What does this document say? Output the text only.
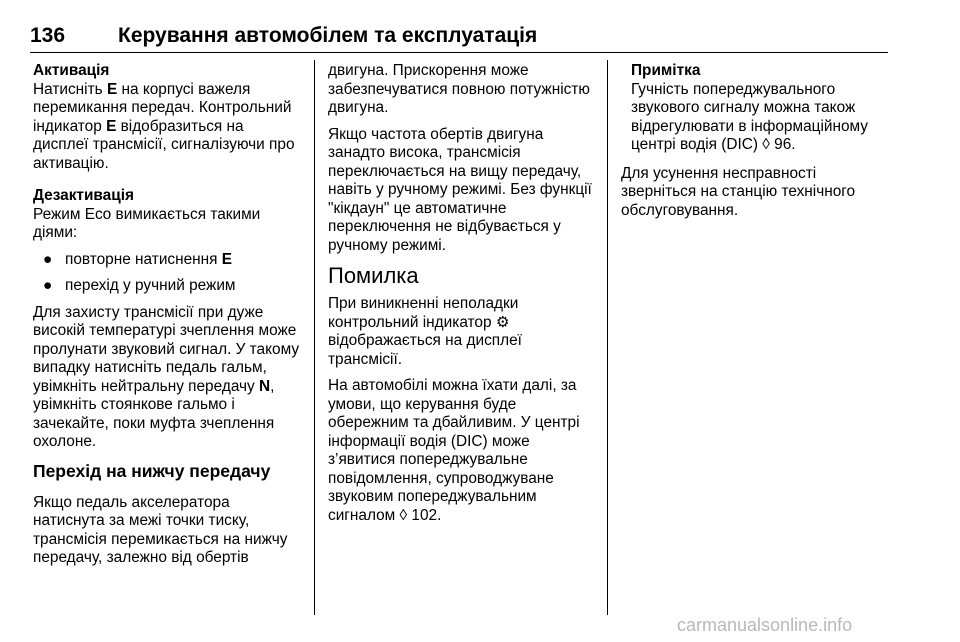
136	Керування автомобілем та експлуатація

Активація
Натисніть E на корпусі важеля перемикання передач. Контрольний індикатор E відобразиться на дисплеї трансмісії, сигналізуючи про активацію.

Дезактивація
Режим Eco вимикається такими діями:

● повторне натиснення E
● перехід у ручний режим

Для захисту трансмісії при дуже високій температурі зчеплення може пролунати звуковий сигнал. У такому випадку натисніть педаль гальм, увімкніть нейтральну передачу N, увімкніть стоянкове гальмо і зачекайте, поки муфта зчеплення охолоне.

Перехід на нижчу передачу

Якщо педаль акселератора натиснута за межі точки тиску, трансмісія перемикається на нижчу передачу, залежно від обертів

двигуна. Прискорення може забезпечуватися повною потужністю двигуна.

Якщо частота обертів двигуна занадто висока, трансмісія переключається на вищу передачу, навіть у ручному режимі. Без функції "кікдаун" це автоматичне переключення не відбувається у ручному режимі.

Помилка

При виникненні неполадки контрольний індикатор ⚙ відображається на дисплеї трансмісії.

На автомобілі можна їхати далі, за умови, що керування буде обережним та дбайливим. У центрі інформації водія (DIC) може з’явитися попереджувальне повідомлення, супроводжуване звуковим попереджувальним сигналом ◊ 102.

Примітка
Гучність попереджувального звукового сигналу можна також відрегулювати в інформаційному центрі водія (DIC) ◊ 96.

Для усунення несправності зверніться на станцію технічного обслуговування.

carmanualsonline.info
